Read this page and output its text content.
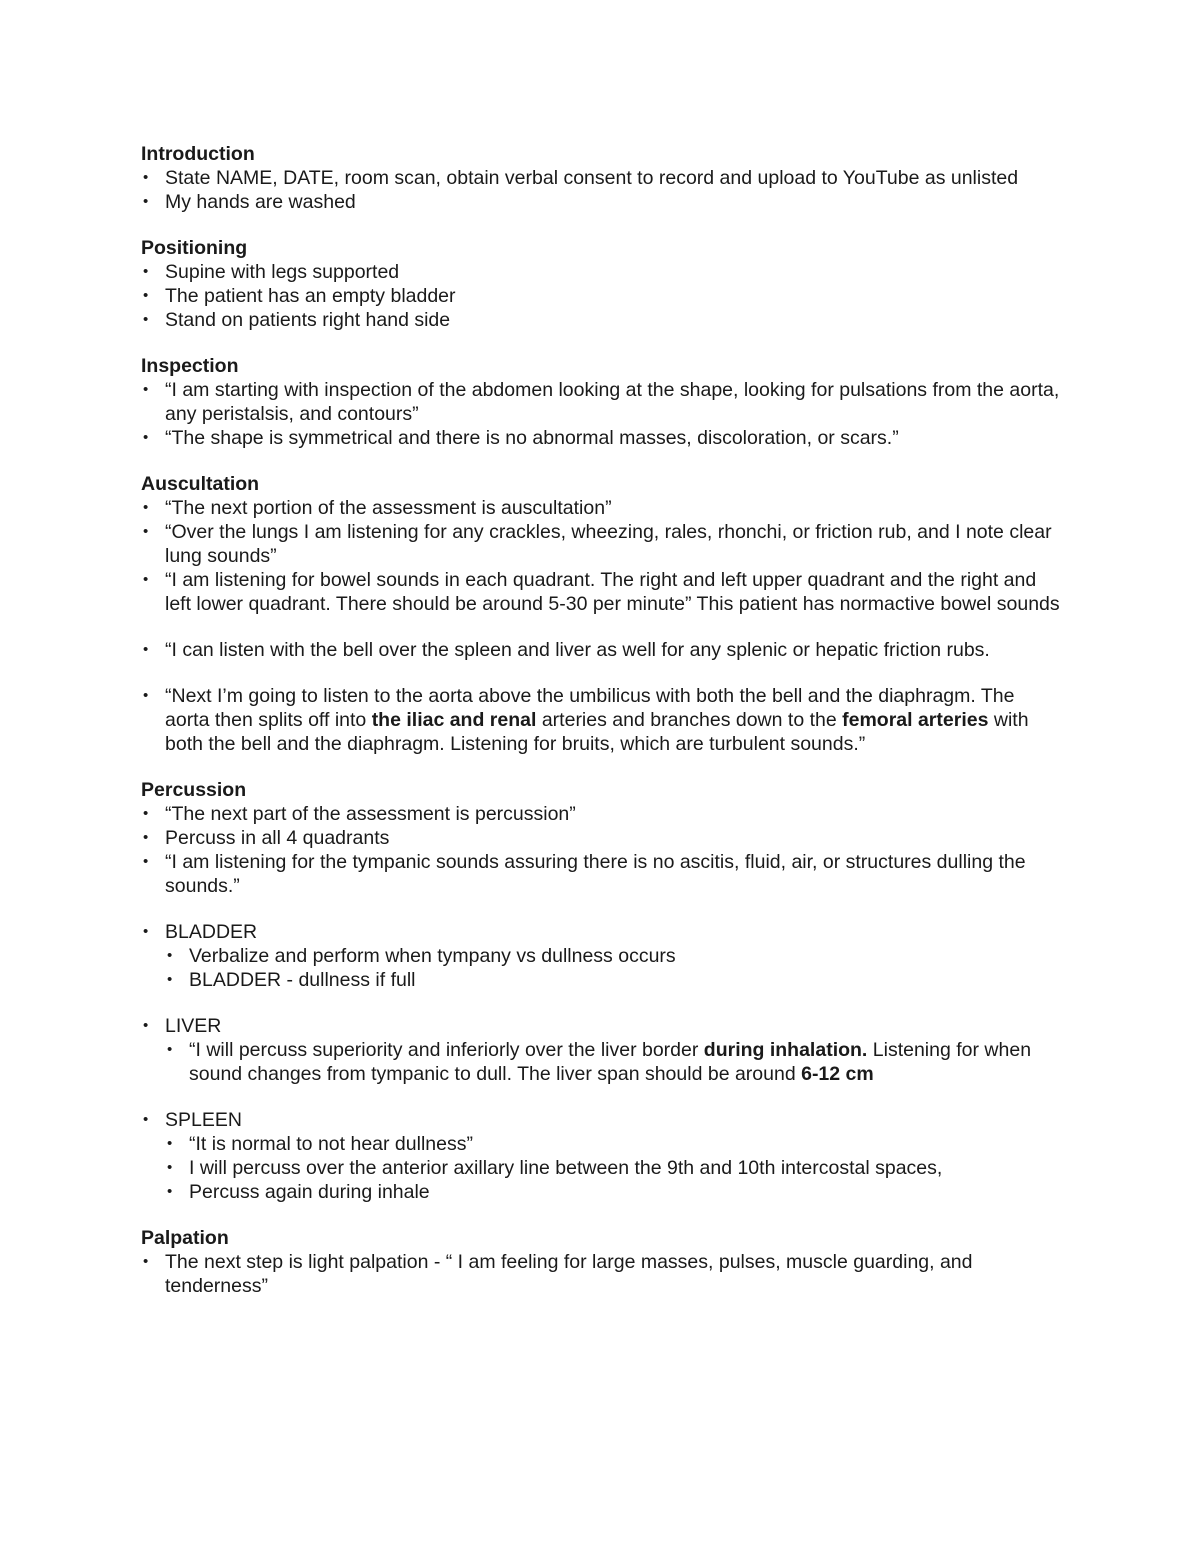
Introduction
• State NAME, DATE, room scan, obtain verbal consent to record and upload to YouTube as unlisted
• My hands are washed
Positioning
• Supine with legs supported
• The patient has an empty bladder
• Stand on patients right hand side
Inspection
• “I am starting with inspection of the abdomen looking at the shape, looking for pulsations from the aorta, any peristalsis, and contours”
• “The shape is symmetrical and there is no abnormal masses, discoloration, or scars.”
Auscultation
• “The next portion of the assessment is auscultation”
• “Over the lungs I am listening for any crackles, wheezing, rales, rhonchi, or friction rub, and I note clear lung sounds”
• “I am listening for bowel sounds in each quadrant. The right and left upper quadrant and the right and left lower quadrant. There should be around 5-30 per minute” This patient has normactive bowel sounds
• “I can listen with the bell over the spleen and liver as well for any splenic or hepatic friction rubs.
• “Next I’m going to listen to the aorta above the umbilicus with both the bell and the diaphragm. The aorta then splits off into the iliac and renal arteries and branches down to the femoral arteries with both the bell and the diaphragm. Listening for bruits, which are turbulent sounds.”
Percussion
• “The next part of the assessment is percussion”
• Percuss in all 4 quadrants
• “I am listening for the tympanic sounds assuring there is no ascitis, fluid, air, or structures dulling the sounds.”
• BLADDER
• Verbalize and perform when tympany vs dullness occurs
• BLADDER - dullness if full
• LIVER
• “I will percuss superiority and inferiorly over the liver border during inhalation. Listening for when sound changes from tympanic to dull. The liver span should be around 6-12 cm
• SPLEEN
• “It is normal to not hear dullness”
• I will percuss over the anterior axillary line between the 9th and 10th intercostal spaces,
• Percuss again during inhale
Palpation
• The next step is light palpation - “ I am feeling for large masses, pulses, muscle guarding, and tenderness”
